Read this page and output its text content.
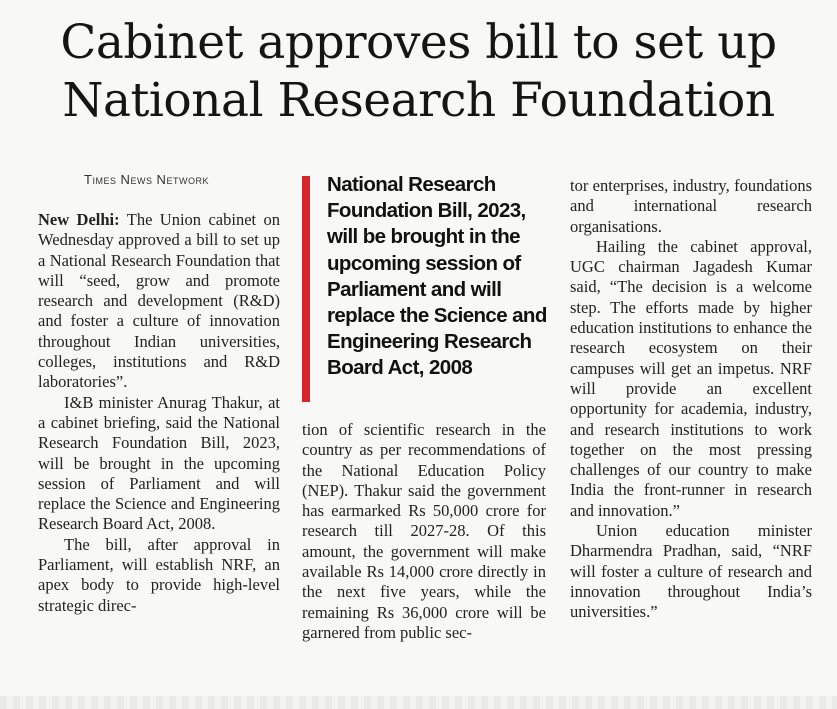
Cabinet approves bill to set up
National Research Foundation
Times News Network

New Delhi: The Union cabinet on Wednesday approved a bill to set up a National Research Foundation that will “seed, grow and promote research and development (R&D) and foster a culture of innovation throughout Indian universities, colleges, institutions and R&D laboratories”.

I&B minister Anurag Thakur, at a cabinet briefing, said the National Research Foundation Bill, 2023, will be brought in the upcoming session of Parliament and will replace the Science and Engineering Research Board Act, 2008.

The bill, after approval in Parliament, will establish NRF, an apex body to provide high-level strategic direc-

National Research Foundation Bill, 2023, will be brought in the upcoming session of Parliament and will replace the Science and Engineering Research Board Act, 2008

tion of scientific research in the country as per recommendations of the National Education Policy (NEP). Thakur said the government has earmarked Rs 50,000 crore for research till 2027-28. Of this amount, the government will make available Rs 14,000 crore directly in the next five years, while the remaining Rs 36,000 crore will be garnered from public sec-

tor enterprises, industry, foundations and international research organisations.

Hailing the cabinet approval, UGC chairman Jagadesh Kumar said, “The decision is a welcome step. The efforts made by higher education institutions to enhance the research ecosystem on their campuses will get an impetus. NRF will provide an excellent opportunity for academia, industry, and research institutions to work together on the most pressing challenges of our country to make India the front-runner in research and innovation.”

Union education minister Dharmendra Pradhan, said, “NRF will foster a culture of research and innovation throughout India’s universities.”
